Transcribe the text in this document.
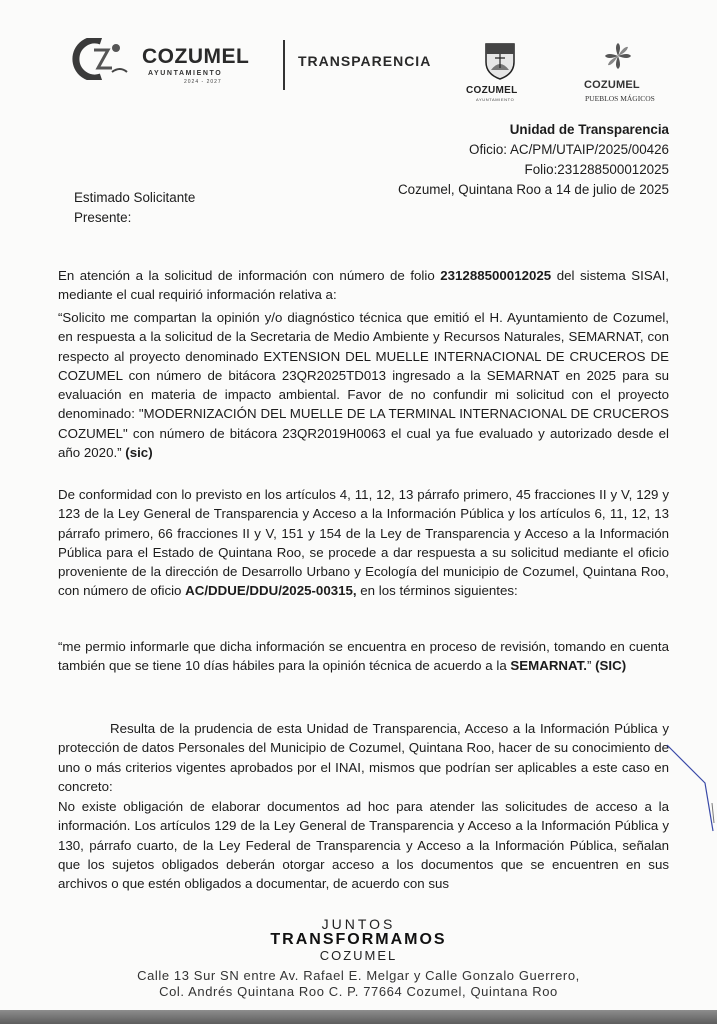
COZUMEL
AYUNTAMIENTO
2024 - 2027
TRANSPARENCIA
COZUMEL
AYUNTAMIENTO
COZUMEL
PUEBLOS MÁGICOS
Unidad de Transparencia
Oficio: AC/PM/UTAIP/2025/00426
Folio:231288500012025
Cozumel, Quintana Roo a 14 de julio de 2025
Estimado Solicitante
Presente:

En atención a la solicitud de información con número de folio 231288500012025 del sistema SISAI, mediante el cual requirió información relativa a:

“Solicito me compartan la opinión y/o diagnóstico técnica que emitió el H. Ayuntamiento de Cozumel, en respuesta a la solicitud de la Secretaria de Medio Ambiente y Recursos Naturales, SEMARNAT, con respecto al proyecto denominado EXTENSION DEL MUELLE INTERNACIONAL DE CRUCEROS DE COZUMEL con número de bitácora 23QR2025TD013 ingresado a la SEMARNAT en 2025 para su evaluación en materia de impacto ambiental. Favor de no confundir mi solicitud con el proyecto denominado: "MODERNIZACIÓN DEL MUELLE DE LA TERMINAL INTERNACIONAL DE CRUCEROS COZUMEL" con número de bitácora 23QR2019H0063 el cual ya fue evaluado y autorizado desde el año 2020.” (sic)

De conformidad con lo previsto en los artículos 4, 11, 12, 13 párrafo primero, 45 fracciones II y V, 129 y 123 de la Ley General de Transparencia y Acceso a la Información Pública y los artículos 6, 11, 12, 13 párrafo primero, 66 fracciones II y V, 151 y 154 de la Ley de Transparencia y Acceso a la Información Pública para el Estado de Quintana Roo, se procede a dar respuesta a su solicitud mediante el oficio proveniente de la dirección de Desarrollo Urbano y Ecología del municipio de Cozumel, Quintana Roo, con número de oficio AC/DDUE/DDU/2025-00315, en los términos siguientes:

“me permio informarle que dicha información se encuentra en proceso de revisión, tomando en cuenta también que se tiene 10 días hábiles para la opinión técnica de acuerdo a la SEMARNAT.” (SIC)

Resulta de la prudencia de esta Unidad de Transparencia, Acceso a la Información Pública y protección de datos Personales del Municipio de Cozumel, Quintana Roo, hacer de su conocimiento de uno o más criterios vigentes aprobados por el INAI, mismos que podrían ser aplicables a este caso en concreto:

No existe obligación de elaborar documentos ad hoc para atender las solicitudes de acceso a la información. Los artículos 129 de la Ley General de Transparencia y Acceso a la Información Pública y 130, párrafo cuarto, de la Ley Federal de Transparencia y Acceso a la Información Pública, señalan que los sujetos obligados deberán otorgar acceso a los documentos que se encuentren en sus archivos o que estén obligados a documentar, de acuerdo con sus

JUNTOS
TRANSFORMAMOS
COZUMEL
Calle 13 Sur SN entre Av. Rafael E. Melgar y Calle Gonzalo Guerrero,
Col. Andrés Quintana Roo C. P. 77664 Cozumel, Quintana Roo
